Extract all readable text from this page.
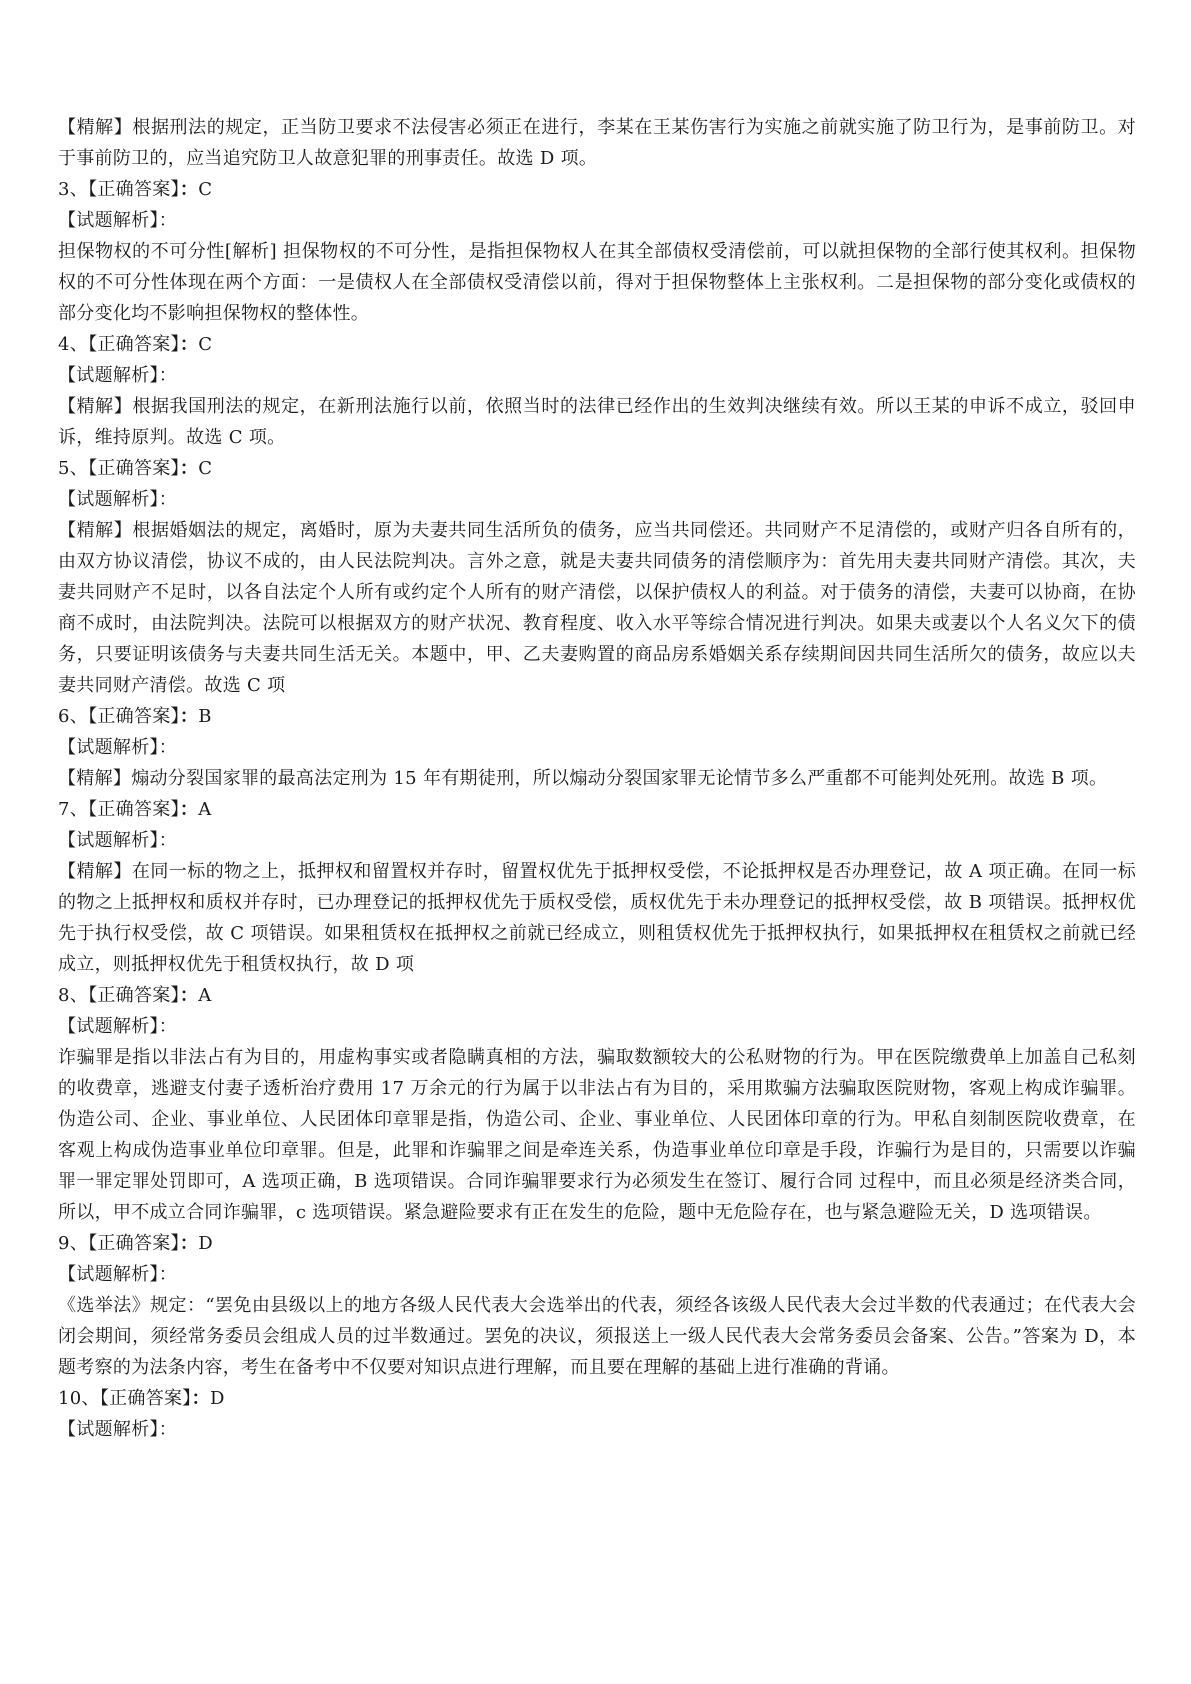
【精解】根据刑法的规定，正当防卫要求不法侵害必须正在进行，李某在王某伤害行为实施之前就实施了防卫行为，是事前防卫。对于事前防卫的，应当追究防卫人故意犯罪的刑事责任。故选 D 项。

3、【正确答案】：C

【试题解析】：

担保物权的不可分性[解析] 担保物权的不可分性，是指担保物权人在其全部债权受清偿前，可以就担保物的全部行使其权利。担保物权的不可分性体现在两个方面：一是债权人在全部债权受清偿以前，得对于担保物整体上主张权利。二是担保物的部分变化或债权的部分变化均不影响担保物权的整体性。

4、【正确答案】：C

【试题解析】：

【精解】根据我国刑法的规定，在新刑法施行以前，依照当时的法律已经作出的生效判决继续有效。所以王某的申诉不成立，驳回申诉，维持原判。故选 C 项。

5、【正确答案】：C

【试题解析】：

【精解】根据婚姻法的规定，离婚时，原为夫妻共同生活所负的债务，应当共同偿还。共同财产不足清偿的，或财产归各自所有的，由双方协议清偿，协议不成的，由人民法院判决。言外之意，就是夫妻共同债务的清偿顺序为：首先用夫妻共同财产清偿。其次，夫妻共同财产不足时，以各自法定个人所有或约定个人所有的财产清偿，以保护债权人的利益。对于债务的清偿，夫妻可以协商，在协商不成时，由法院判决。法院可以根据双方的财产状况、教育程度、收入水平等综合情况进行判决。如果夫或妻以个人名义欠下的债务，只要证明该债务与夫妻共同生活无关。本题中，甲、乙夫妻购置的商品房系婚姻关系存续期间因共同生活所欠的债务，故应以夫妻共同财产清偿。故选 C 项

6、【正确答案】：B

【试题解析】：

【精解】煽动分裂国家罪的最高法定刑为 15 年有期徒刑，所以煽动分裂国家罪无论情节多么严重都不可能判处死刑。故选 B 项。

7、【正确答案】：A

【试题解析】：

【精解】在同一标的物之上，抵押权和留置权并存时，留置权优先于抵押权受偿，不论抵押权是否办理登记，故 A 项正确。在同一标的物之上抵押权和质权并存时，已办理登记的抵押权优先于质权受偿，质权优先于未办理登记的抵押权受偿，故 B 项错误。抵押权优先于执行权受偿，故 C 项错误。如果租赁权在抵押权之前就已经成立，则租赁权优先于抵押权执行，如果抵押权在租赁权之前就已经成立，则抵押权优先于租赁权执行，故 D 项

8、【正确答案】：A

【试题解析】：

诈骗罪是指以非法占有为目的，用虚构事实或者隐瞒真相的方法，骗取数额较大的公私财物的行为。甲在医院缴费单上加盖自己私刻的收费章，逃避支付妻子透析治疗费用 17 万余元的行为属于以非法占有为目的，采用欺骗方法骗取医院财物，客观上构成诈骗罪。伪造公司、企业、事业单位、人民团体印章罪是指，伪造公司、企业、事业单位、人民团体印章的行为。甲私自刻制医院收费章，在客观上构成伪造事业单位印章罪。但是，此罪和诈骗罪之间是牵连关系，伪造事业单位印章是手段，诈骗行为是目的，只需要以诈骗罪一罪定罪处罚即可，A 选项正确，B 选项错误。合同诈骗罪要求行为必须发生在签订、履行合同 过程中，而且必须是经济类合同，所以，甲不成立合同诈骗罪，c 选项错误。紧急避险要求有正在发生的危险，题中无危险存在，也与紧急避险无关，D 选项错误。

9、【正确答案】：D

【试题解析】：

《选举法》规定：“罢免由县级以上的地方各级人民代表大会选举出的代表，须经各该级人民代表大会过半数的代表通过；在代表大会闭会期间，须经常务委员会组成人员的过半数通过。罢免的决议，须报送上一级人民代表大会常务委员会备案、公告。”答案为 D，本题考察的为法条内容，考生在备考中不仅要对知识点进行理解，而且要在理解的基础上进行准确的背诵。

10、【正确答案】：D

【试题解析】：
